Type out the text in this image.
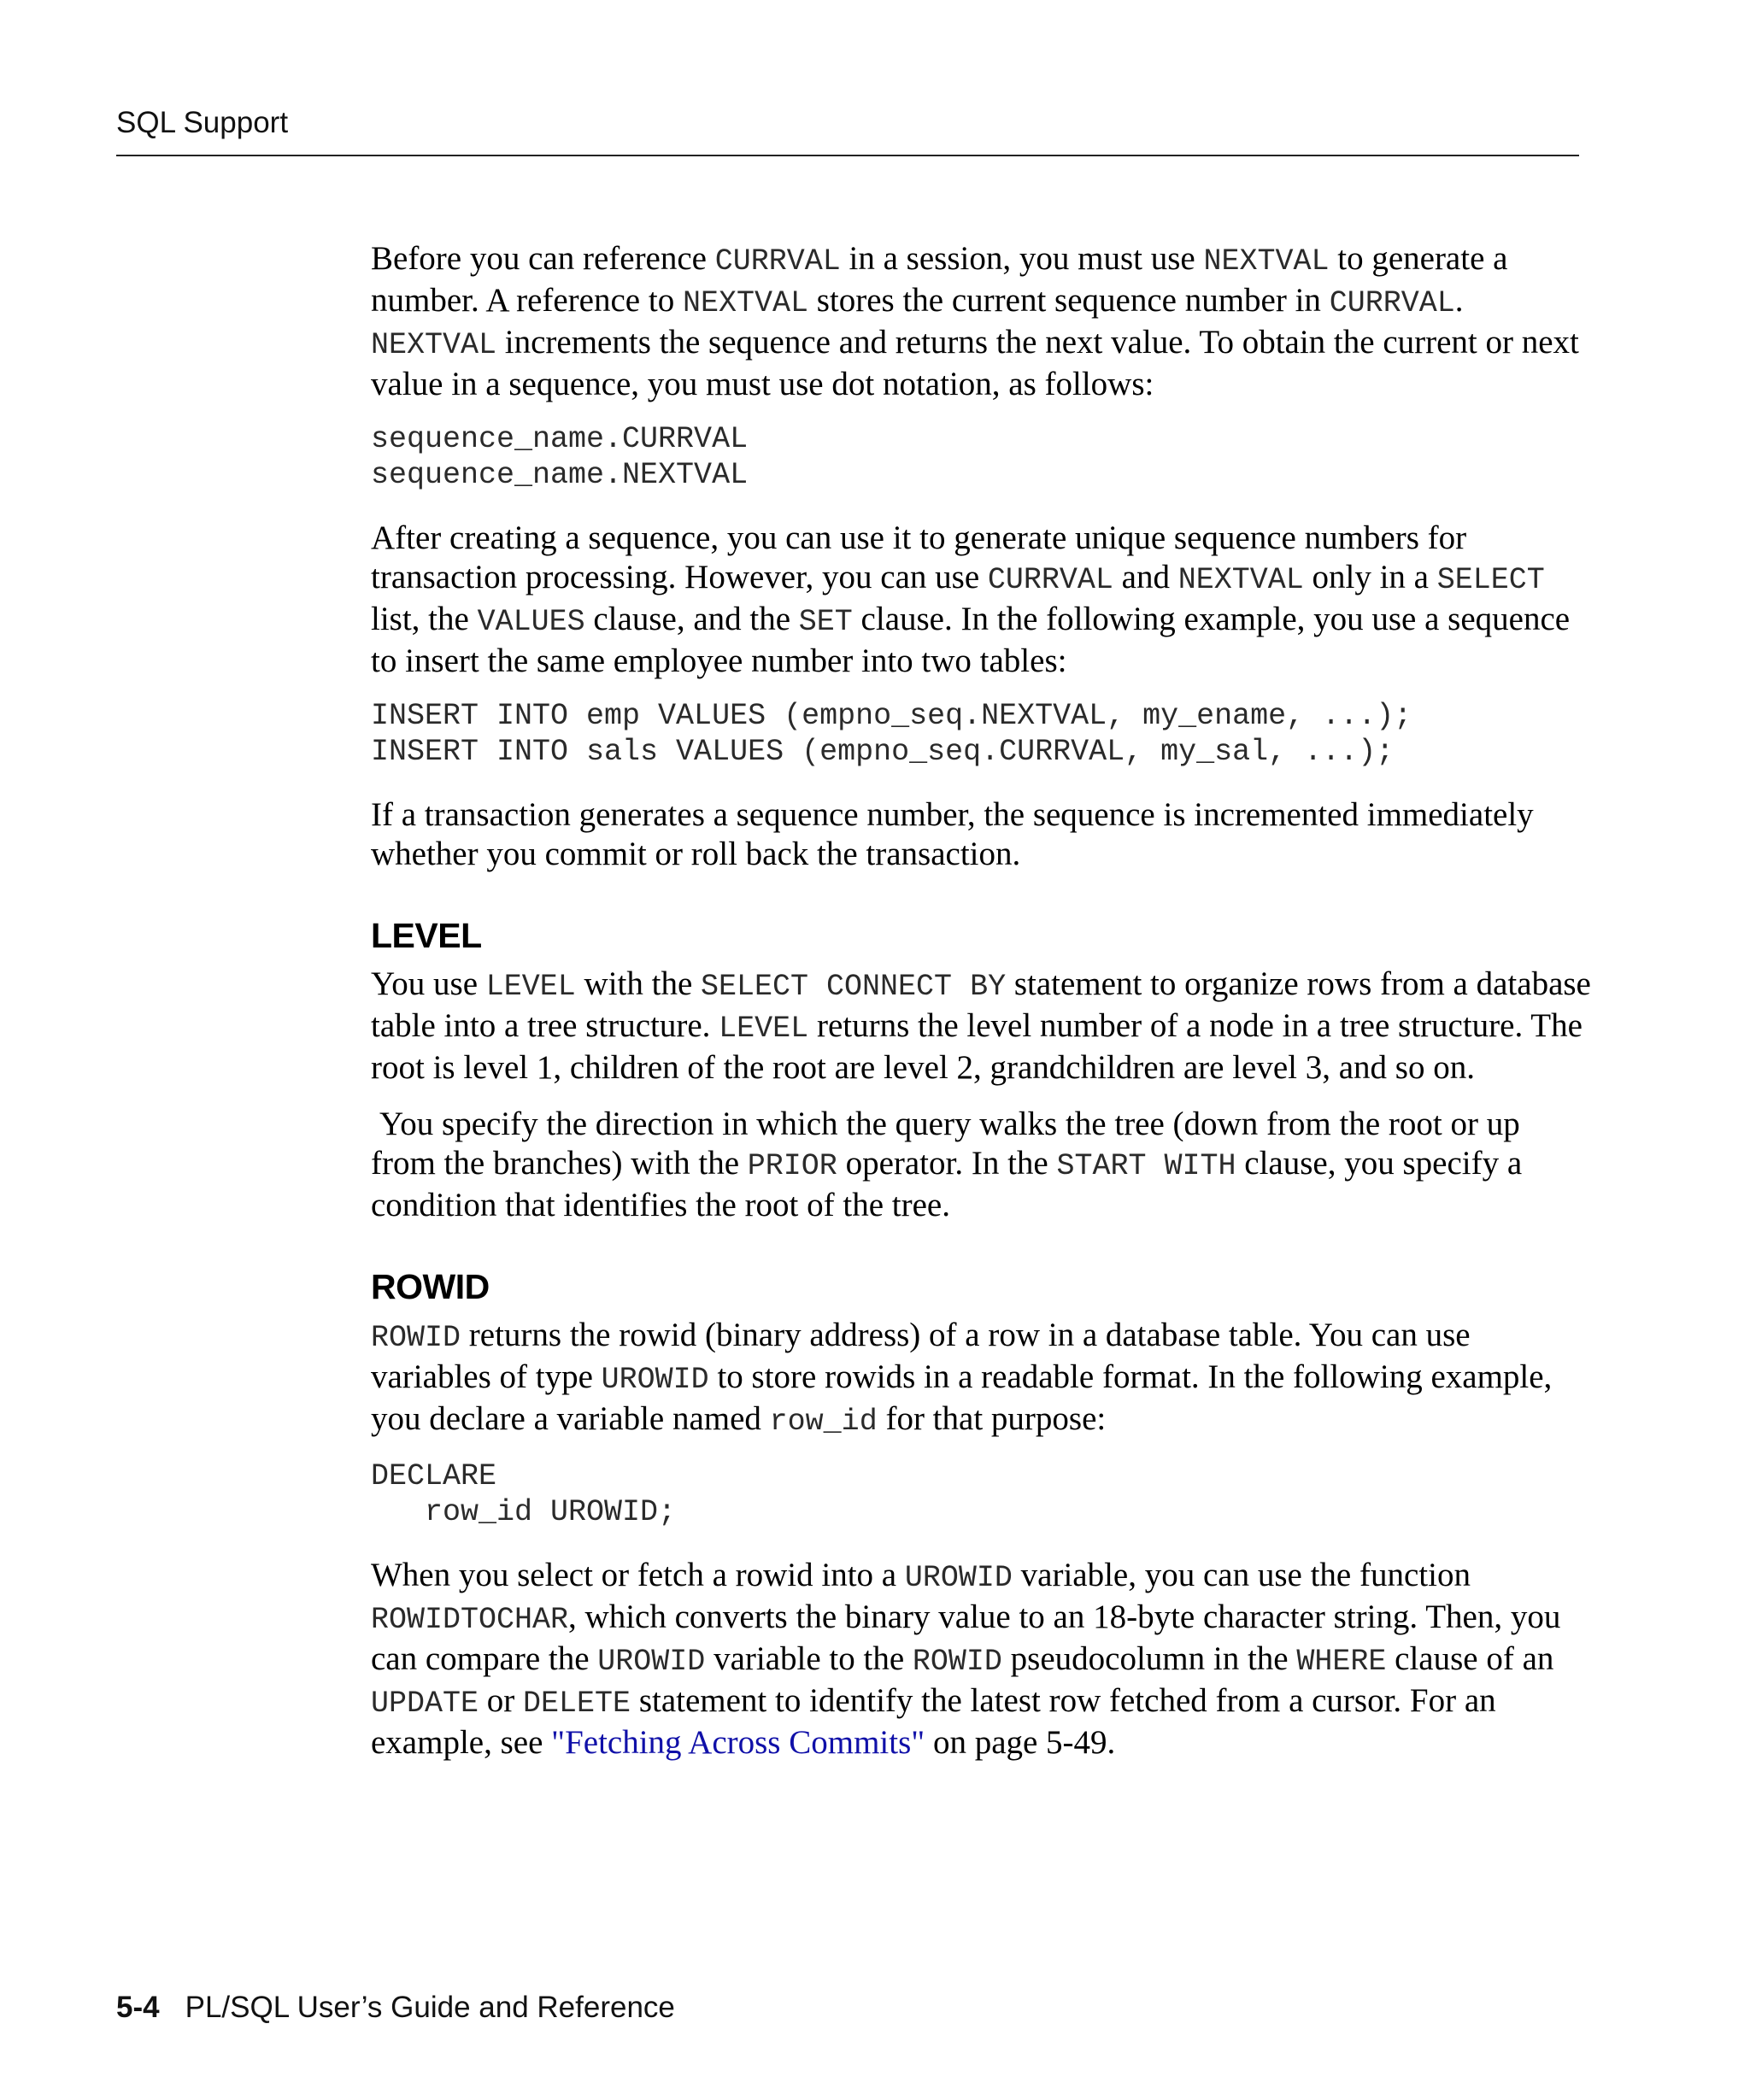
SQL Support

Before you can reference CURRVAL in a session, you must use NEXTVAL to generate a number. A reference to NEXTVAL stores the current sequence number in CURRVAL. NEXTVAL increments the sequence and returns the next value. To obtain the current or next value in a sequence, you must use dot notation, as follows:

sequence_name.CURRVAL
sequence_name.NEXTVAL

After creating a sequence, you can use it to generate unique sequence numbers for transaction processing. However, you can use CURRVAL and NEXTVAL only in a SELECT list, the VALUES clause, and the SET clause. In the following example, you use a sequence to insert the same employee number into two tables:

INSERT INTO emp VALUES (empno_seq.NEXTVAL, my_ename, ...);
INSERT INTO sals VALUES (empno_seq.CURRVAL, my_sal, ...);

If a transaction generates a sequence number, the sequence is incremented immediately whether you commit or roll back the transaction.

LEVEL

You use LEVEL with the SELECT CONNECT BY statement to organize rows from a database table into a tree structure. LEVEL returns the level number of a node in a tree structure. The root is level 1, children of the root are level 2, grandchildren are level 3, and so on.

You specify the direction in which the query walks the tree (down from the root or up from the branches) with the PRIOR operator. In the START WITH clause, you specify a condition that identifies the root of the tree.

ROWID

ROWID returns the rowid (binary address) of a row in a database table. You can use variables of type UROWID to store rowids in a readable format. In the following example, you declare a variable named row_id for that purpose:

DECLARE
row_id UROWID;

When you select or fetch a rowid into a UROWID variable, you can use the function ROWIDTOCHAR, which converts the binary value to an 18-byte character string. Then, you can compare the UROWID variable to the ROWID pseudocolumn in the WHERE clause of an UPDATE or DELETE statement to identify the latest row fetched from a cursor. For an example, see "Fetching Across Commits" on page 5-49.

5-4 PL/SQL User’s Guide and Reference
